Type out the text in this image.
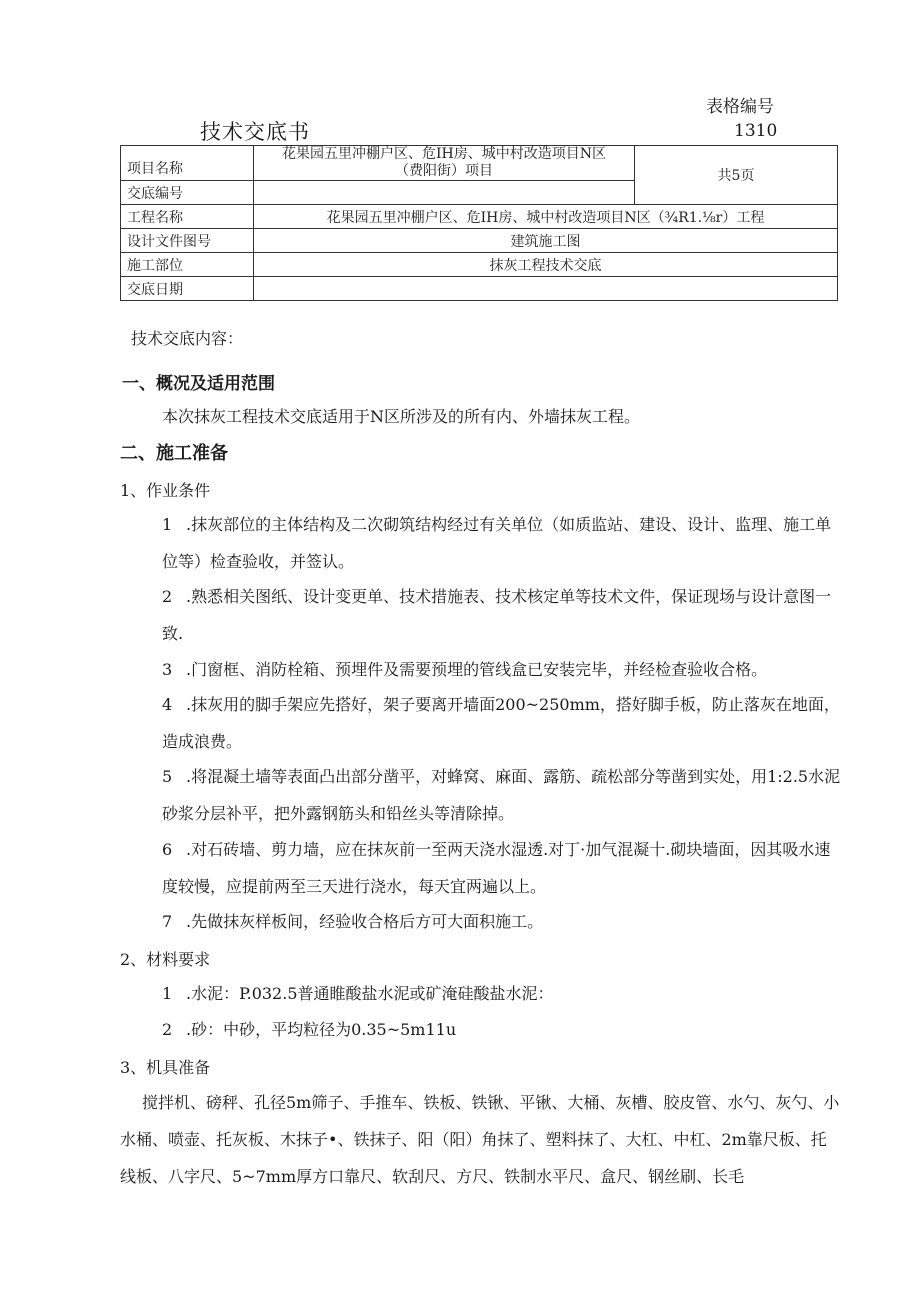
表格编号
技术交底书	1310
项目名称	花果园五里冲棚户区、危IH房、城中村改造项目N区
（费阳街）项目	共5页
交底编号		
工程名称	花果园五里冲棚户区、危IH房、城中村改造项目N区（¾R1.⅛r）工程	
设计文件图号	建筑施工图	
施工部位	抹灰工程技术交底	
交底日期		
技术交底内容：
一、概况及适用范围
本次抹灰工程技术交底适用于N区所涉及的所有内、外墙抹灰工程。
二、施工准备
1、作业条件
1 .抹灰部位的主体结构及二次砌筑结构经过有关单位（如质监站、建设、设计、监理、施工单位等）检查验收，并签认。
2 .熟悉相关图纸、设计变更单、技术措施表、技术核定单等技术文件，保证现场与设计意图一致.
3 .门窗框、消防栓箱、预埋件及需要预埋的管线盒已安装完毕，并经检查验收合格。
4 .抹灰用的脚手架应先搭好，架子要离开墙面200~250mm，搭好脚手板，防止落灰在地面，造成浪费。
5 .将混凝土墙等表面凸出部分凿平，对蜂窝、麻面、露筋、疏松部分等凿到实处，用1:2.5水泥砂浆分层补平，把外露钢筋头和铅丝头等清除掉。
6 .对石砖墙、剪力墙，应在抹灰前一至两天浇水湿透.对丁·加气混凝十.砌块墙面，因其吸水速度较慢，应提前两至三天进行浇水，每天宜两遍以上。
7 .先做抹灰样板间，经验收合格后方可大面积施工。
2、材料要求
1 .水泥：P.032.5普通睢酸盐水泥或矿淹硅酸盐水泥：
2 .砂：中砂，平均粒径为0.35~5m11u
3、机具准备
搅拌机、磅秤、孔径5m筛子、手推车、铁板、铁锹、平锹、大桶、灰槽、胶皮管、水勺、灰勺、小水桶、喷壶、托灰板、木抹子•、铁抹子、阳（阳）角抹了、塑料抹了、大杠、中杠、2m靠尺板、托线板、八字尺、5~7mm厚方口靠尺、软刮尺、方尺、铁制水平尺、盒尺、钢丝刷、长毛
